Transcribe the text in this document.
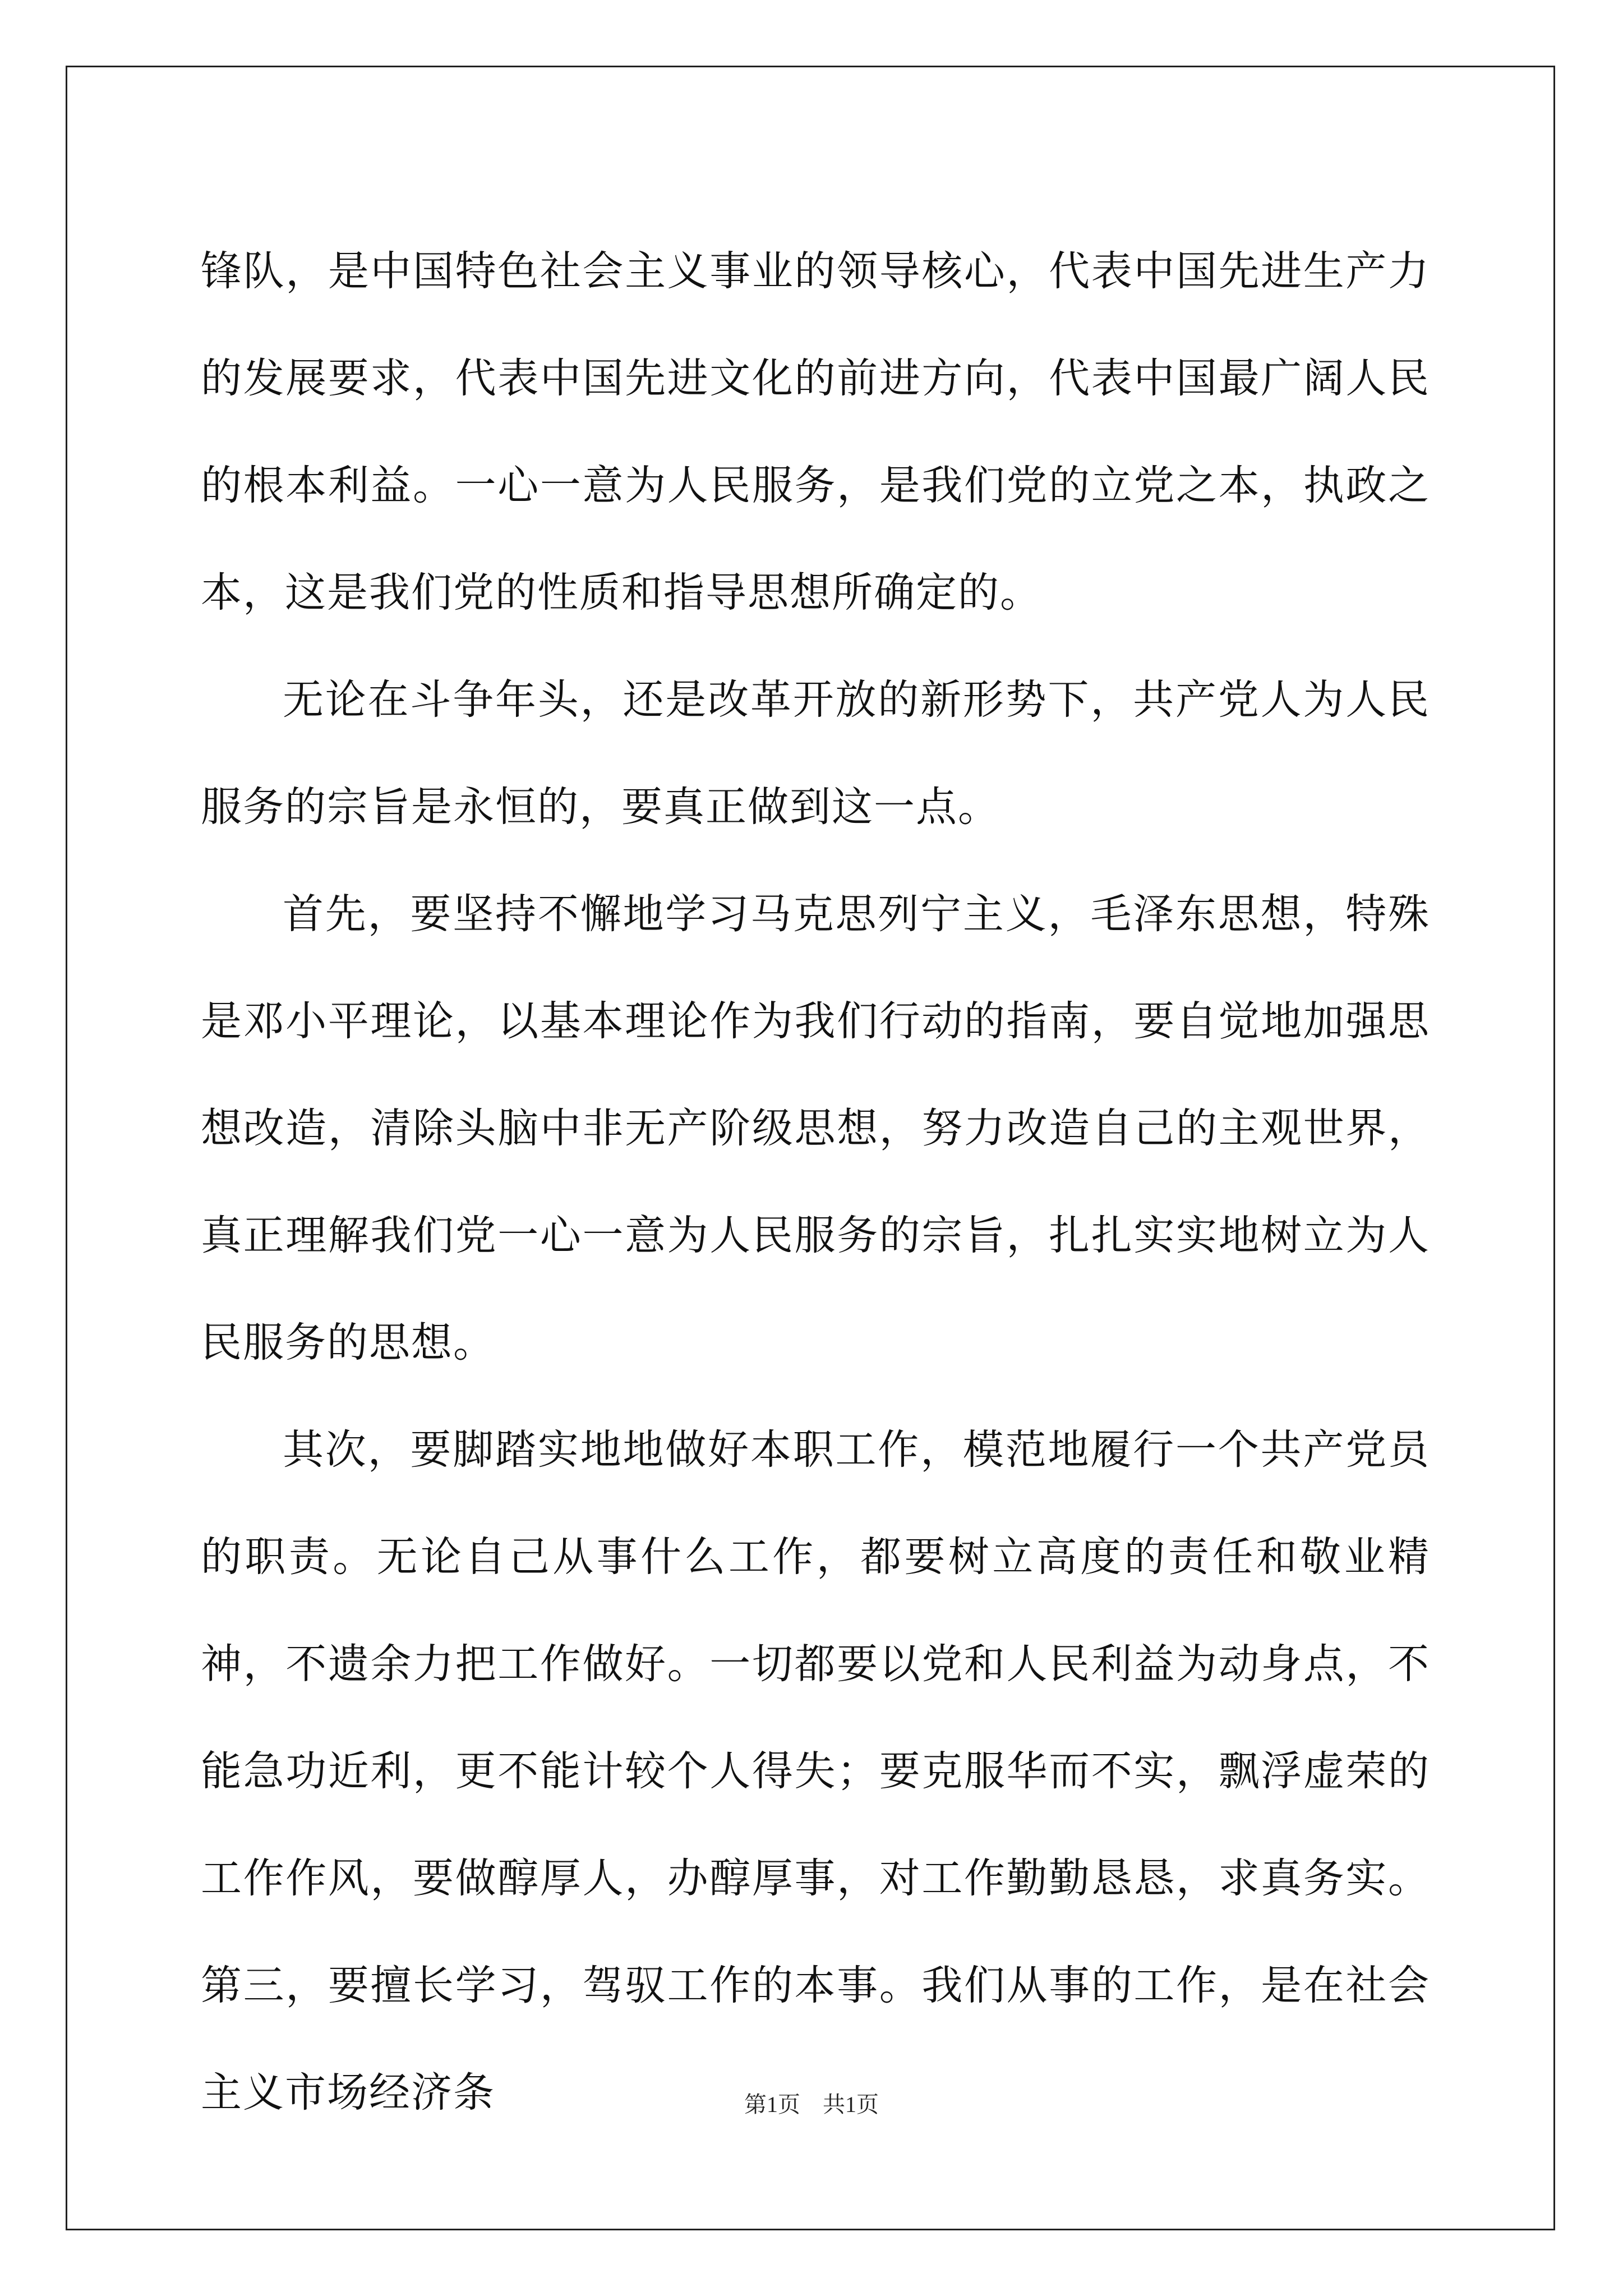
锋队，是中国特色社会主义事业的领导核心，代表中国先进生产力的发展要求，代表中国先进文化的前进方向，代表中国最广阔人民的根本利益。一心一意为人民服务，是我们党的立党之本，执政之本，这是我们党的性质和指导思想所确定的。

无论在斗争年头，还是改革开放的新形势下，共产党人为人民服务的宗旨是永恒的，要真正做到这一点。

首先，要坚持不懈地学习马克思列宁主义，毛泽东思想，特殊是邓小平理论，以基本理论作为我们行动的指南，要自觉地加强思想改造，清除头脑中非无产阶级思想，努力改造自己的主观世界，真正理解我们党一心一意为人民服务的宗旨，扎扎实实地树立为人民服务的思想。

其次，要脚踏实地地做好本职工作，模范地履行一个共产党员的职责。无论自己从事什么工作，都要树立高度的责任和敬业精神，不遗余力把工作做好。一切都要以党和人民利益为动身点，不能急功近利，更不能计较个人得失；要克服华而不实，飘浮虚荣的工作作风，要做醇厚人，办醇厚事，对工作勤勤恳恳，求真务实。第三，要擅长学习，驾驭工作的本事。我们从事的工作，是在社会主义市场经济条	第1页　共1页
